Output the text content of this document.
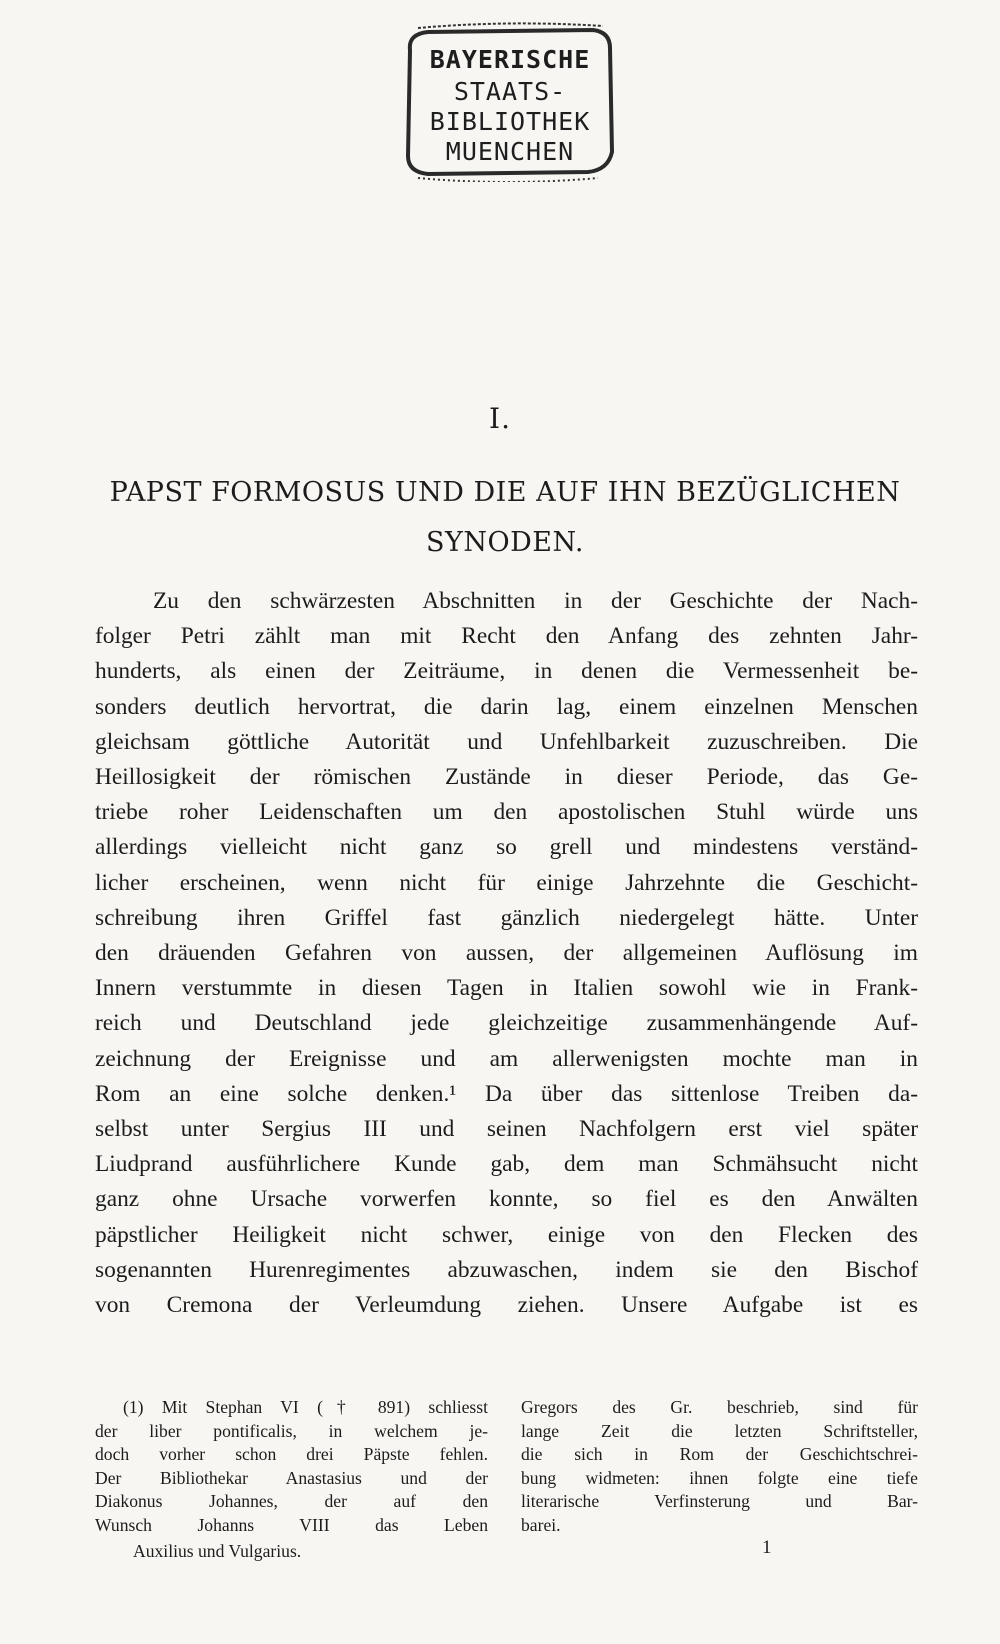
BAYERISCHE
STAATS-
BIBLIOTHEK
MUENCHEN
I.
PAPST FORMOSUS UND DIE AUF IHN BEZÜGLICHEN
SYNODEN.
Zu den schwärzesten Abschnitten in der Geschichte der Nach-
folger Petri zählt man mit Recht den Anfang des zehnten Jahr-
hunderts, als einen der Zeiträume, in denen die Vermessenheit be-
sonders deutlich hervortrat, die darin lag, einem einzelnen Menschen
gleichsam göttliche Autorität und Unfehlbarkeit zuzuschreiben. Die
Heillosigkeit der römischen Zustände in dieser Periode, das Ge-
triebe roher Leidenschaften um den apostolischen Stuhl würde uns
allerdings vielleicht nicht ganz so grell und mindestens verständ-
licher erscheinen, wenn nicht für einige Jahrzehnte die Geschicht-
schreibung ihren Griffel fast gänzlich niedergelegt hätte. Unter
den dräuenden Gefahren von aussen, der allgemeinen Auflösung im
Innern verstummte in diesen Tagen in Italien sowohl wie in Frank-
reich und Deutschland jede gleichzeitige zusammenhängende Auf-
zeichnung der Ereignisse und am allerwenigsten mochte man in
Rom an eine solche denken.¹ Da über das sittenlose Treiben da-
selbst unter Sergius III und seinen Nachfolgern erst viel später
Liudprand ausführlichere Kunde gab, dem man Schmähsucht nicht
ganz ohne Ursache vorwerfen konnte, so fiel es den Anwälten
päpstlicher Heiligkeit nicht schwer, einige von den Flecken des
sogenannten Hurenregimentes abzuwaschen, indem sie den Bischof
von Cremona der Verleumdung ziehen. Unsere Aufgabe ist es
(1) Mit Stephan VI († 891) schliesst
der liber pontificalis, in welchem je-
doch vorher schon drei Päpste fehlen.
Der Bibliothekar Anastasius und der
Diakonus Johannes, der auf den
Wunsch Johanns VIII das Leben
Gregors des Gr. beschrieb, sind für
lange Zeit die letzten Schriftsteller,
die sich in Rom der Geschichtschrei-
bung widmeten: ihnen folgte eine tiefe
literarische Verfinsterung und Bar-
barei.
Auxilius und Vulgarius.	1
